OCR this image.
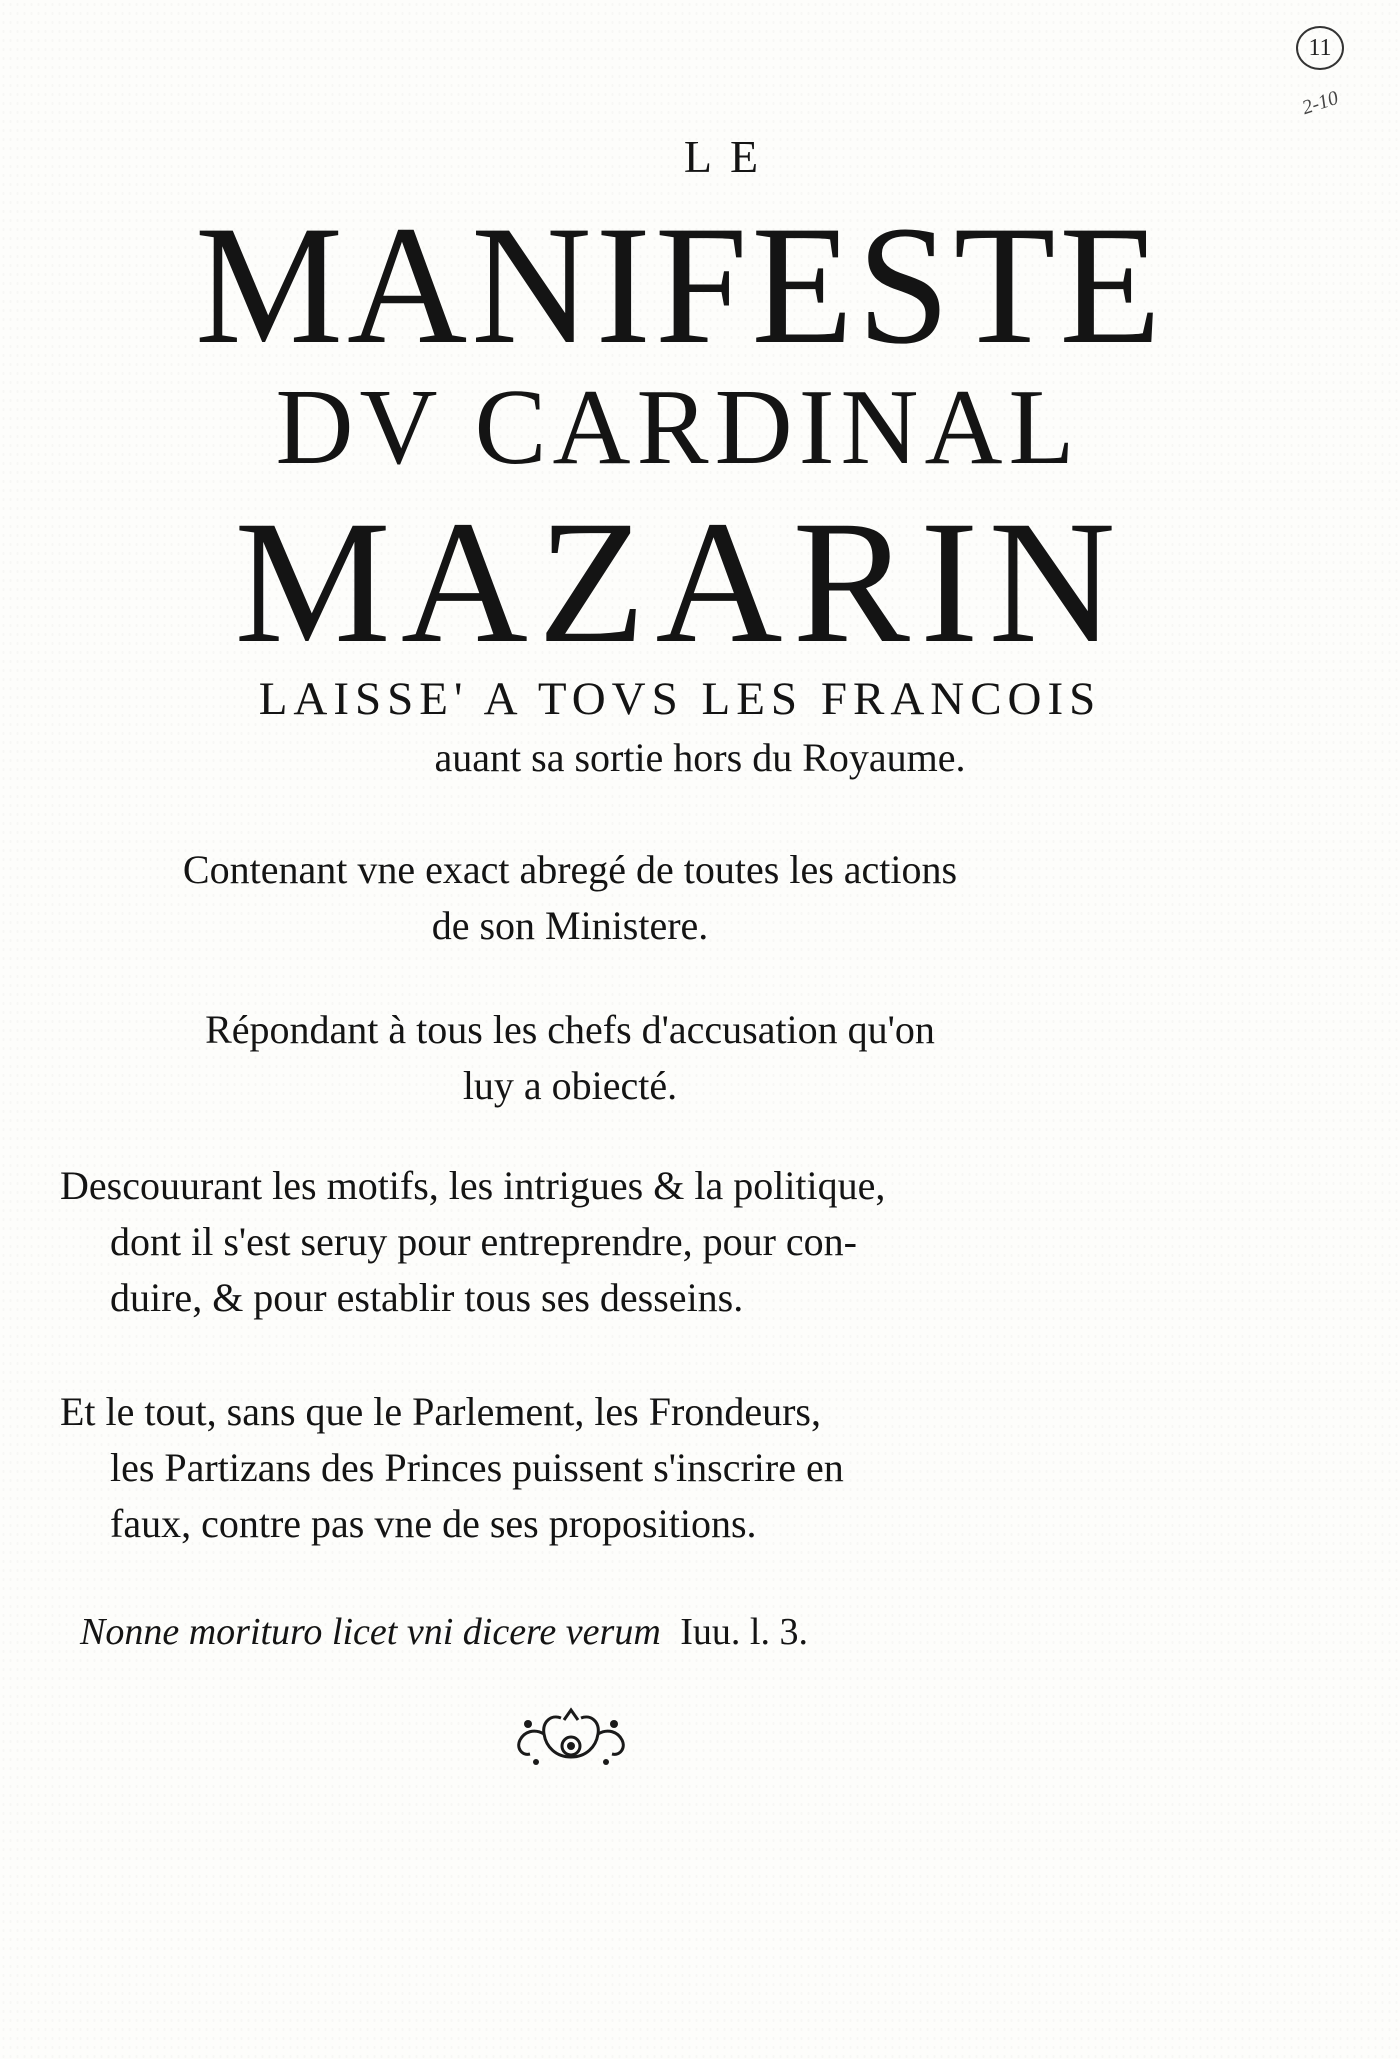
11
2-10
LE
MANIFESTE
DV CARDINAL
MAZARIN
LAISSE' A TOVS LES FRANCOIS
auant sa sortie hors du Royaume.
Contenant vne exact abregé de toutes les actions
de son Ministere.
Répondant à tous les chefs d'accusation qu'on
luy a obiecté.
Descouurant les motifs, les intrigues & la politique,
dont il s'est seruy pour entreprendre, pour con-
duire, & pour establir tous ses desseins.
Et le tout, sans que le Parlement, les Frondeurs,
les Partizans des Princes puissent s'inscrire en
faux, contre pas vne de ses propositions.
Nonne morituro licet vni dicere verum Iuu. l. 3.
